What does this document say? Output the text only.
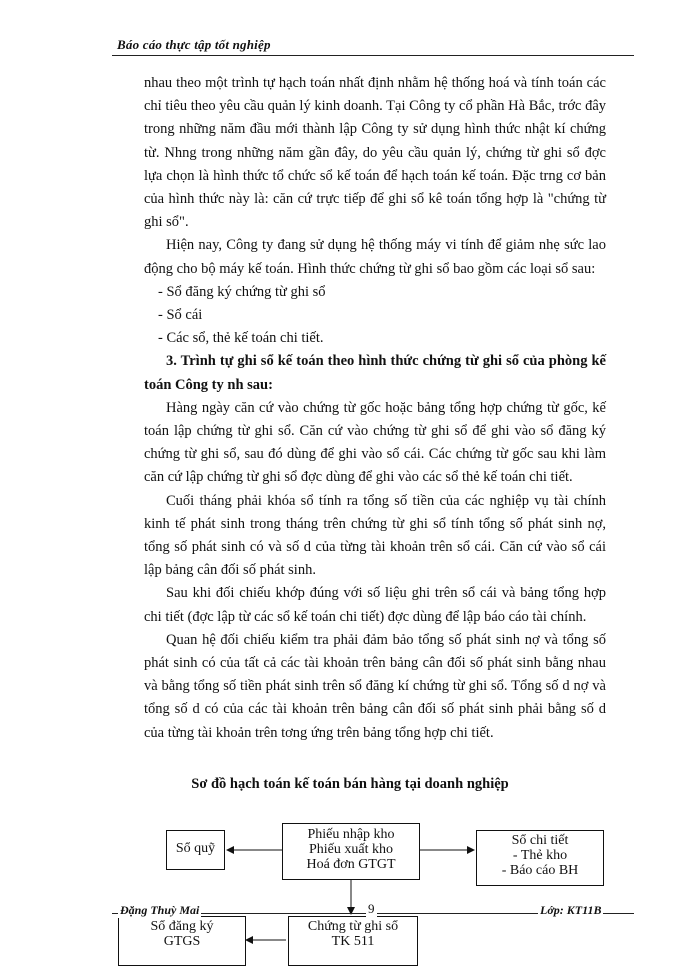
Báo cáo thực tập tốt nghiệp

nhau theo một trình tự hạch toán nhất định nhằm hệ thống hoá và tính toán các chỉ tiêu theo yêu cầu quản lý kinh doanh. Tại Công ty cổ phần Hà Bắc, trớc đây trong những năm đầu mới thành lập Công ty sử dụng hình thức nhật kí chứng từ. Nhng trong những năm gần đây, do yêu cầu quản lý, chứng từ ghi sổ đợc lựa chọn là hình thức tổ chức sổ kế toán để hạch toán kế toán. Đặc trng cơ bản của hình thức này là: căn cứ trực tiếp để ghi sổ kê toán tổng hợp là "chứng từ ghi sổ".

Hiện nay, Công ty đang sử dụng hệ thống máy vi tính để giảm nhẹ sức lao động cho bộ máy kế toán. Hình thức chứng từ ghi sổ bao gồm các loại sổ sau:

- Sổ đăng ký chứng từ ghi sổ

- Sổ cái

- Các sổ, thẻ kế toán chi tiết.

3. Trình tự ghi sổ kế toán theo hình thức chứng từ ghi sổ của phòng kế toán Công ty nh sau:

Hàng ngày căn cứ vào chứng từ gốc hoặc bảng tổng hợp chứng từ gốc, kế toán lập chứng từ ghi sổ. Căn cứ vào chứng từ ghi sổ để ghi vào sổ đăng ký chứng từ ghi sổ, sau đó dùng để ghi vào sổ cái. Các chứng từ gốc sau khi làm căn cứ lập chứng từ ghi sổ đợc dùng để ghi vào các sổ thẻ kế toán chi tiết.

Cuối tháng phải khóa sổ tính ra tổng số tiền của các nghiệp vụ tài chính kinh tế phát sinh trong tháng trên chứng từ ghi sổ tính tổng số phát sinh nợ, tổng số phát sinh có và số d của từng tài khoản trên sổ cái. Căn cứ vào sổ cái lập bảng cân đối số phát sinh.

Sau khi đối chiếu khớp đúng với số liệu ghi trên sổ cái và bảng tổng hợp chi tiết (đợc lập từ các sổ kế toán chi tiết) đợc dùng để lập báo cáo tài chính.

Quan hệ đối chiếu kiểm tra phải đảm bảo tổng số phát sinh nợ và tổng số phát sinh có của tất cả các tài khoản trên bảng cân đối số phát sinh bằng nhau và bằng tổng số tiền phát sinh trên sổ đăng kí chứng từ ghi sổ. Tổng số d nợ và tổng số d có của các tài khoản trên bảng cân đối số phát sinh phải bằng số d của từng tài khoản trên tơng ứng trên bảng tổng hợp chi tiết.

Sơ đồ hạch toán kế toán bán hàng tại doanh nghiệp
Sổ quỹ
Phiếu nhập kho
Phiếu xuất kho
Hoá đơn GTGT
Sổ chi tiết
- Thẻ kho
- Báo cáo BH
Sổ đăng ký
GTGS
Chứng từ ghi sổ
TK 511
Đặng Thuỳ Mai	9	Lớp: KT11B
